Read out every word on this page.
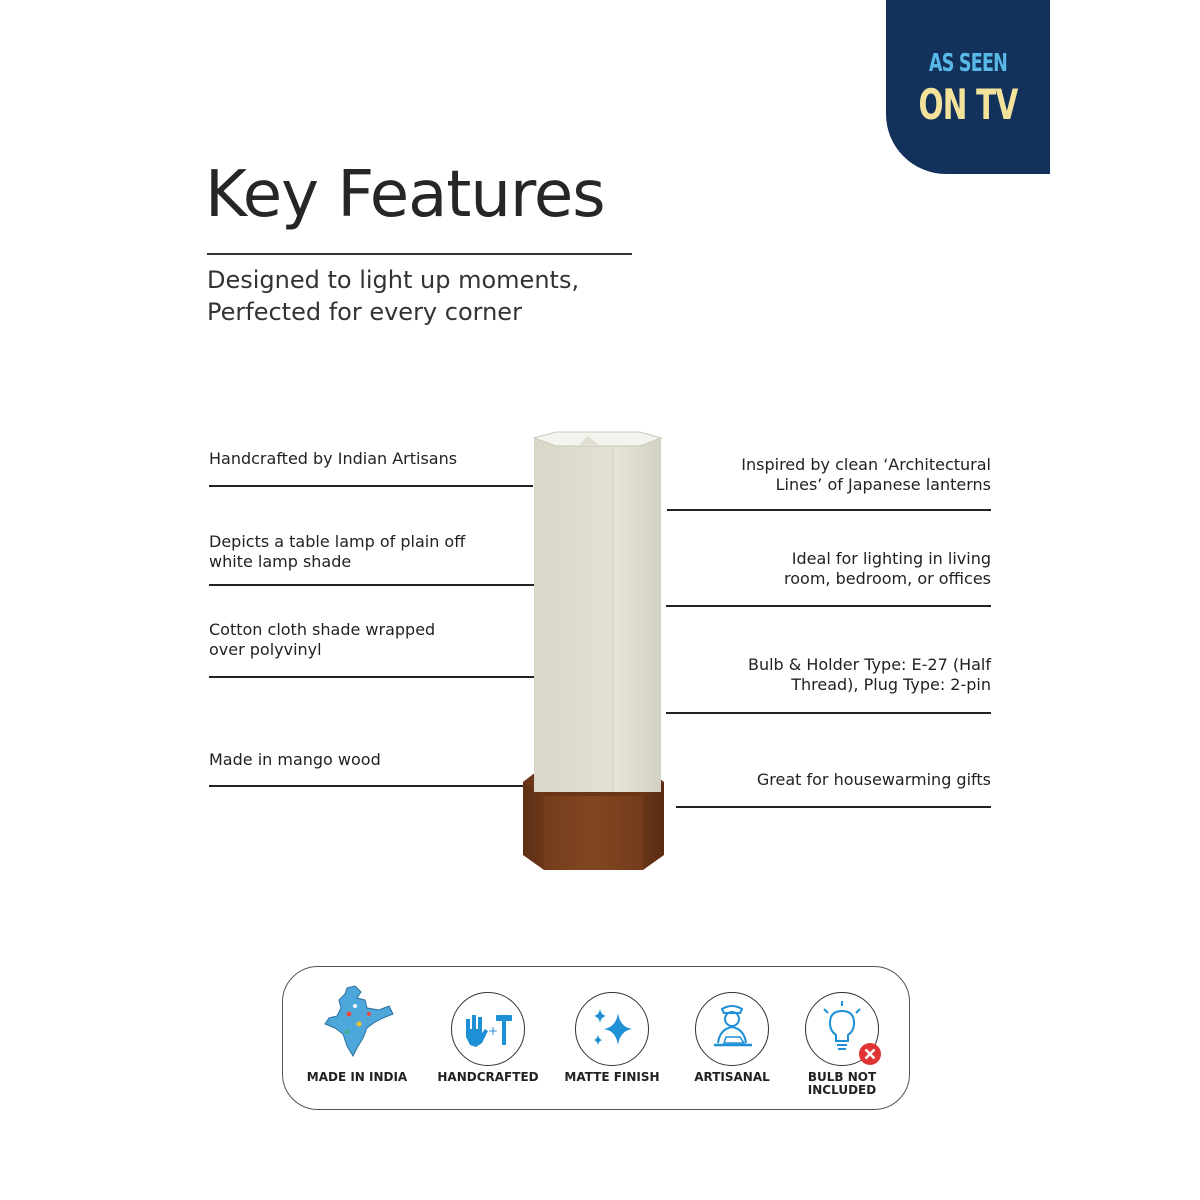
AS SEEN
ON TV
Key Features
Designed to light up moments,
Perfected for every corner
Handcrafted by Indian Artisans
Depicts a table lamp of plain off
white lamp shade
Cotton cloth shade wrapped
over polyvinyl
Made in mango wood
Inspired by clean ‘Architectural
Lines’ of Japanese lanterns
Ideal for lighting in living
room, bedroom, or offices
Bulb & Holder Type: E-27 (Half
Thread), Plug Type: 2-pin
Great for housewarming gifts
MADE IN INDIA
+
HANDCRAFTED	MATTE FINISH	ARTISANAL	BULB NOT
INCLUDED
